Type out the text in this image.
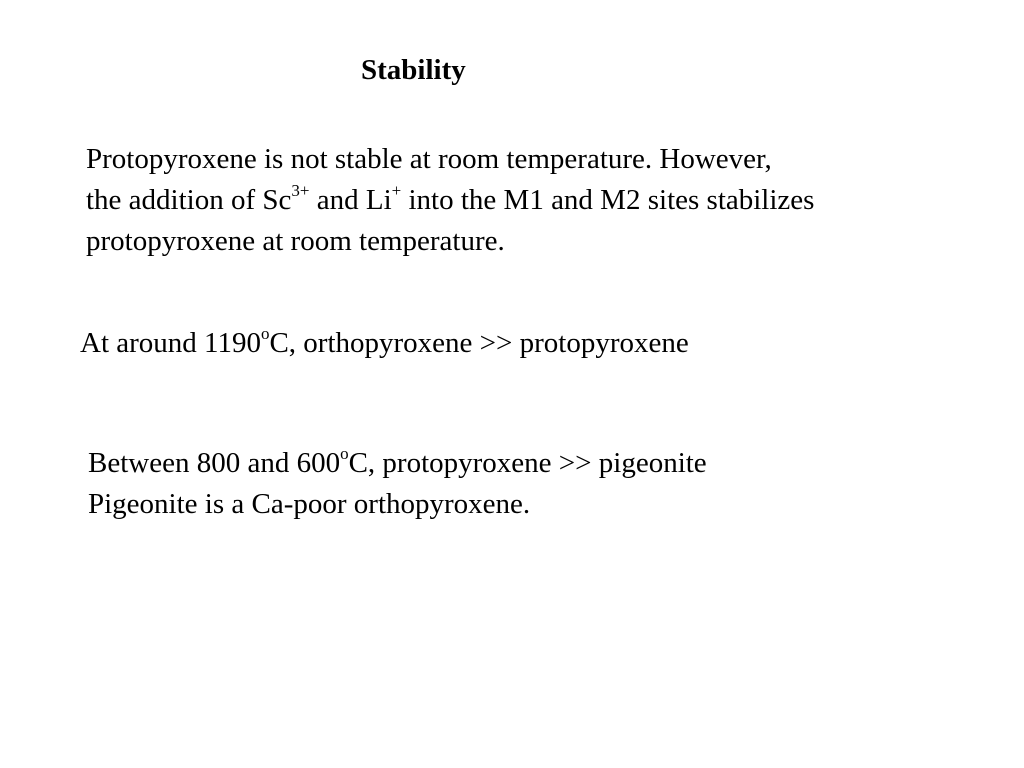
Stability
Protopyroxene is not stable at room temperature. However,
the addition of $Sc^{3+}$ and Li+ into the M1 and M2 sites stabilizes
protopyroxene at room temperature.
At around 1190$^o$C, orthopyroxene >> protopyroxene
Between 800 and 600$^o$C, protopyroxene >> pigeonite
Pigeonite is a Ca-poor orthopyroxene.
